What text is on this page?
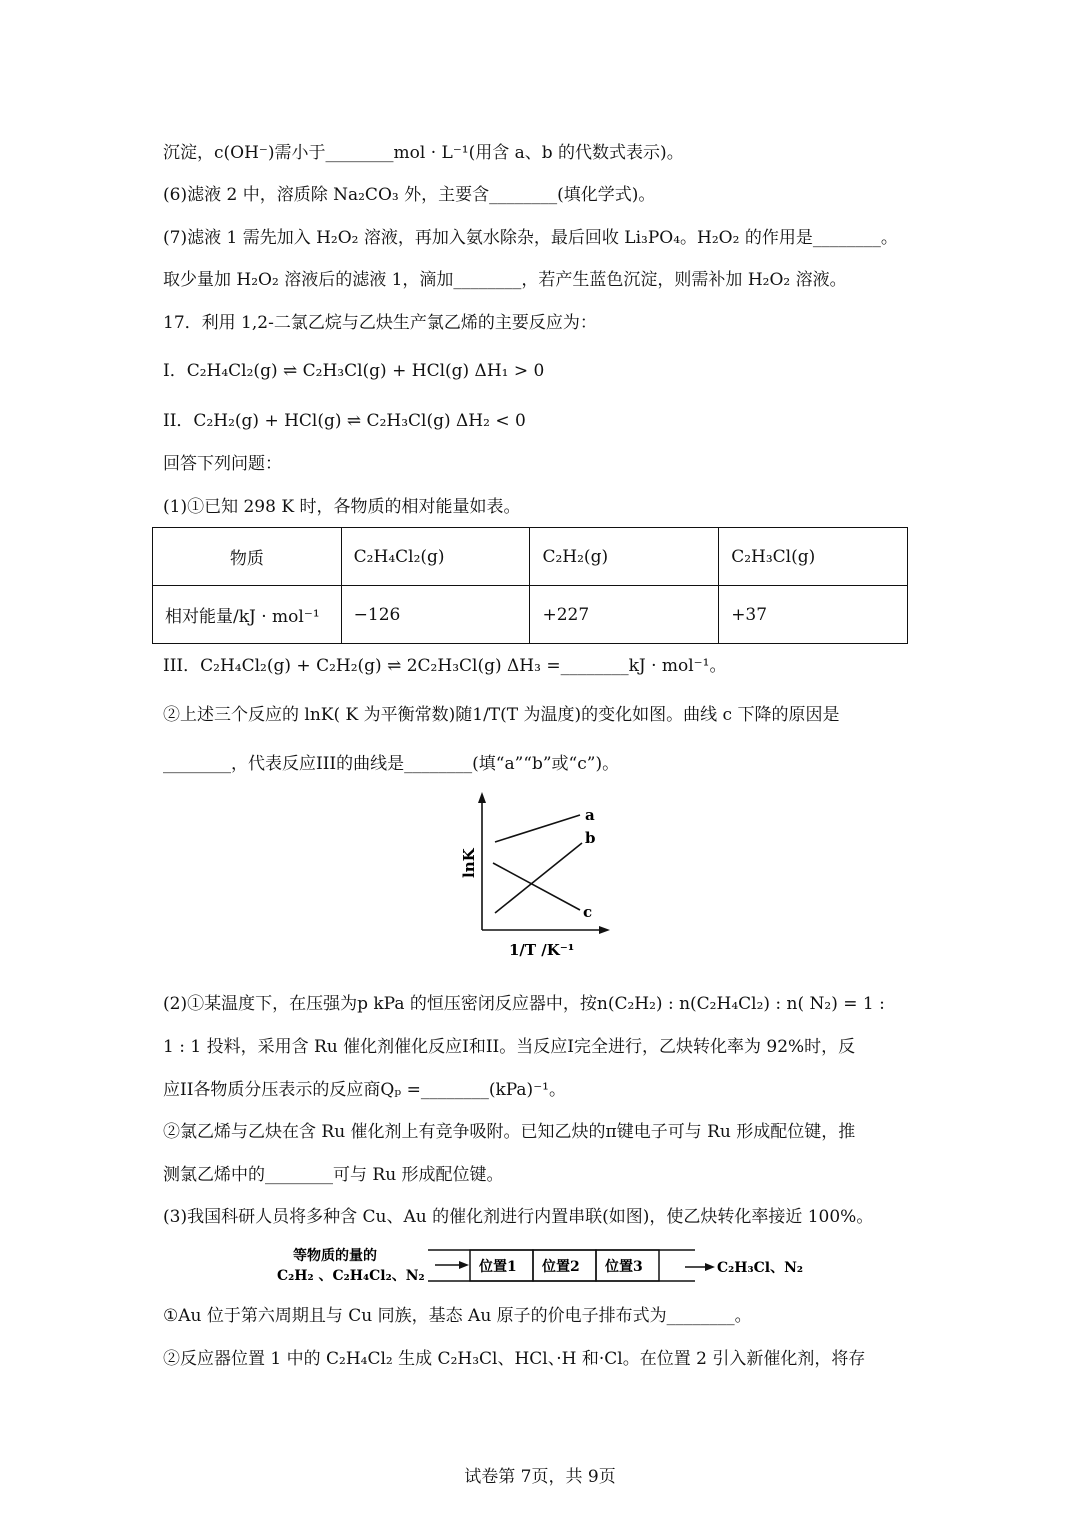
沉淀，c(OH⁻)需小于________mol · L⁻¹(用含 a、b 的代数式表示)。
(6)滤液 2 中，溶质除 Na₂CO₃ 外，主要含________(填化学式)。
(7)滤液 1 需先加入 H₂O₂ 溶液，再加入氨水除杂，最后回收 Li₃PO₄。H₂O₂ 的作用是________。
取少量加 H₂O₂ 溶液后的滤液 1，滴加________，若产生蓝色沉淀，则需补加 H₂O₂ 溶液。
17．利用 1,2-二氯乙烷与乙炔生产氯乙烯的主要反应为：
I．C₂H₄Cl₂(g) ⇌ C₂H₃Cl(g) + HCl(g) ΔH₁ > 0
II．C₂H₂(g) + HCl(g) ⇌ C₂H₃Cl(g) ΔH₂ < 0
回答下列问题：
(1)①已知 298 K 时，各物质的相对能量如表。
物质	C₂H₄Cl₂(g)	C₂H₂(g)	C₂H₃Cl(g)
相对能量/kJ · mol⁻¹	−126	+227	+37
III．C₂H₄Cl₂(g) + C₂H₂(g) ⇌ 2C₂H₃Cl(g) ΔH₃ =________kJ · mol⁻¹。
②上述三个反应的 lnK( K 为平衡常数)随1/T(T 为温度)的变化如图。曲线 c 下降的原因是
________，代表反应III的曲线是________(填“a”“b”或“c”)。
a
b
c
lnK
1/T /K⁻¹
(2)①某温度下，在压强为p kPa 的恒压密闭反应器中，按n(C₂H₂) : n(C₂H₄Cl₂) : n( N₂) = 1 :
1 : 1 投料，采用含 Ru 催化剂催化反应I和II。当反应I完全进行，乙炔转化率为 92%时，反
应II各物质分压表示的反应商Qₚ =________(kPa)⁻¹。
②氯乙烯与乙炔在含 Ru 催化剂上有竞争吸附。已知乙炔的π键电子可与 Ru 形成配位键，推
测氯乙烯中的________可与 Ru 形成配位键。
(3)我国科研人员将多种含 Cu、Au 的催化剂进行内置串联(如图)，使乙炔转化率接近 100%。
等物质的量的
C₂H₂ 、C₂H₄Cl₂、N₂
位置1 位置2 位置3	C₂H₃Cl、N₂
①Au 位于第六周期且与 Cu 同族，基态 Au 原子的价电子排布式为________。
②反应器位置 1 中的 C₂H₄Cl₂ 生成 C₂H₃Cl、HCl、·H 和·Cl。在位置 2 引入新催化剂，将存
试卷第 7页，共 9页
